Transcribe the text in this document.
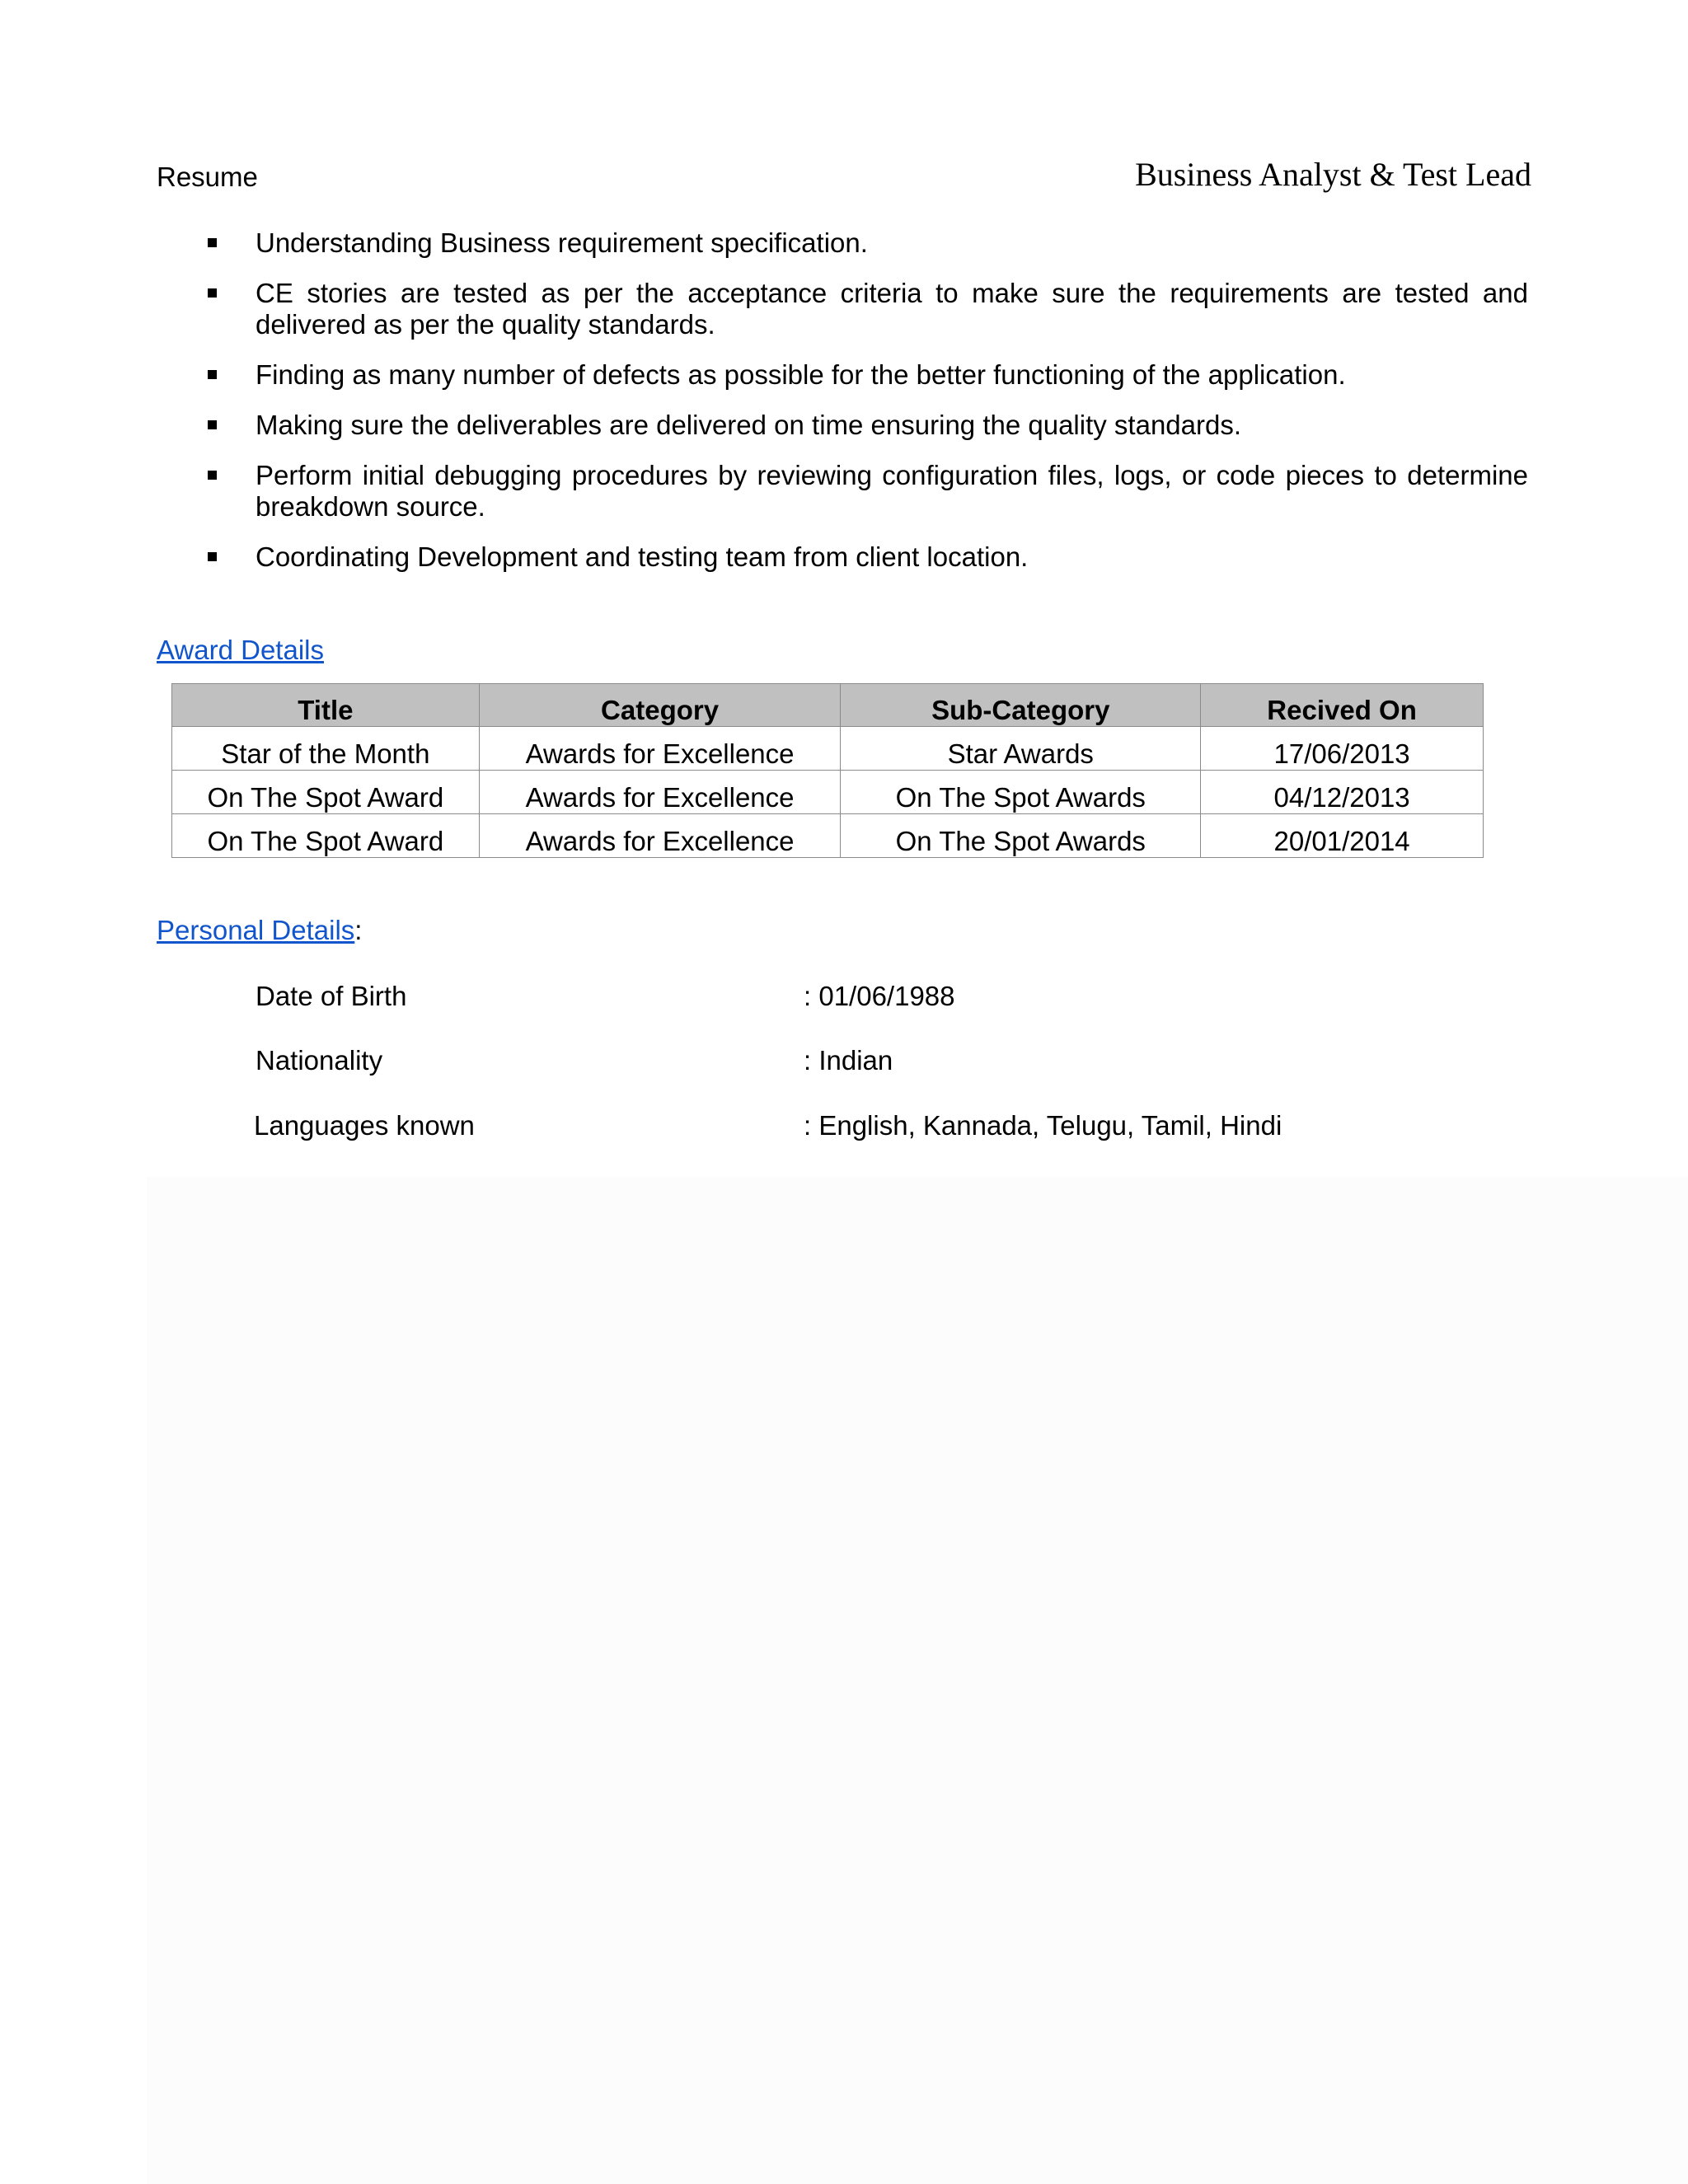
Resume	Business Analyst & Test Lead
Understanding Business requirement specification.
CE stories are tested as per the acceptance criteria to make sure the requirements are tested and delivered as per the quality standards.
Finding as many number of defects as possible for the better functioning of the application.
Making sure the deliverables are delivered on time ensuring the quality standards.
Perform initial debugging procedures by reviewing configuration files, logs, or code pieces to determine breakdown source.
Coordinating Development and testing team from client location.
Award Details
Title	Category	Sub-Category	Recived On
Star of the Month	Awards for Excellence	Star Awards	17/06/2013
On The Spot Award	Awards for Excellence	On The Spot Awards	04/12/2013
On The Spot Award	Awards for Excellence	On The Spot Awards	20/01/2014
Personal Details:
Date of Birth	: 01/06/1988
Nationality	: Indian
Languages known	: English, Kannada, Telugu, Tamil, Hindi
